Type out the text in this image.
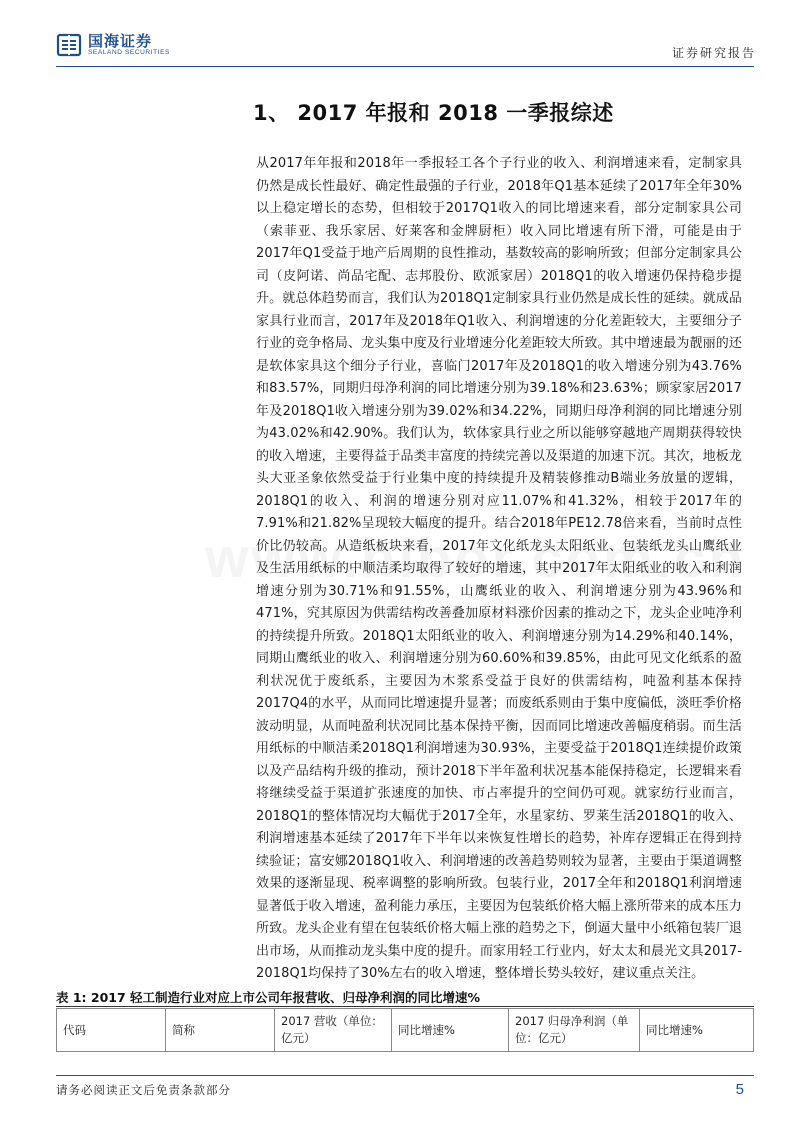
国海证券
SEALAND SECURITIES	证券研究报告
1、 2017 年报和 2018 一季报综述
从2017年年报和2018年一季报轻工各个子行业的收入、利润增速来看，定制家具仍然是成长性最好、确定性最强的子行业，2018年Q1基本延续了2017年全年30%以上稳定增长的态势，但相较于2017Q1收入的同比增速来看，部分定制家具公司（索菲亚、我乐家居、好莱客和金牌厨柜）收入同比增速有所下滑，可能是由于2017年Q1受益于地产后周期的良性推动，基数较高的影响所致；但部分定制家具公司（皮阿诺、尚品宅配、志邦股份、欧派家居）2018Q1的收入增速仍保持稳步提升。就总体趋势而言，我们认为2018Q1定制家具行业仍然是成长性的延续。就成品家具行业而言，2017年及2018年Q1收入、利润增速的分化差距较大，主要细分子行业的竞争格局、龙头集中度及行业增速分化差距较大所致。其中增速最为靓丽的还是软体家具这个细分子行业，喜临门2017年及2018Q1的收入增速分别为43.76%和83.57%，同期归母净利润的同比增速分别为39.18%和23.63%；顾家家居2017年及2018Q1收入增速分别为39.02%和34.22%，同期归母净利润的同比增速分别为43.02%和42.90%。我们认为，软体家具行业之所以能够穿越地产周期获得较快的收入增速，主要得益于品类丰富度的持续完善以及渠道的加速下沉。其次，地板龙头大亚圣象依然受益于行业集中度的持续提升及精装修推动B端业务放量的逻辑，2018Q1的收入、利润的增速分别对应11.07%和41.32%，相较于2017年的7.91%和21.82%呈现较大幅度的提升。结合2018年PE12.78倍来看，当前时点性价比仍较高。从造纸板块来看，2017年文化纸龙头太阳纸业、包装纸龙头山鹰纸业及生活用纸标的中顺洁柔均取得了较好的增速，其中2017年太阳纸业的收入和利润增速分别为30.71%和91.55%，山鹰纸业的收入、利润增速分别为43.96%和471%，究其原因为供需结构改善叠加原材料涨价因素的推动之下，龙头企业吨净利的持续提升所致。2018Q1太阳纸业的收入、利润增速分别为14.29%和40.14%，同期山鹰纸业的收入、利润增速分别为60.60%和39.85%，由此可见文化纸系的盈利状况优于废纸系，主要因为木浆系受益于良好的供需结构，吨盈利基本保持2017Q4的水平，从而同比增速提升显著；而废纸系则由于集中度偏低，淡旺季价格波动明显，从而吨盈利状况同比基本保持平衡，因而同比增速改善幅度稍弱。而生活用纸标的中顺洁柔2018Q1利润增速为30.93%，主要受益于2018Q1连续提价政策以及产品结构升级的推动，预计2018下半年盈利状况基本能保持稳定，长逻辑来看将继续受益于渠道扩张速度的加快、市占率提升的空间仍可观。就家纺行业而言，2018Q1的整体情况均大幅优于2017全年，水星家纺、罗莱生活2018Q1的收入、利润增速基本延续了2017年下半年以来恢复性增长的趋势，补库存逻辑正在得到持续验证；富安娜2018Q1收入、利润增速的改善趋势则较为显著，主要由于渠道调整效果的逐渐显现、税率调整的影响所致。包装行业，2017全年和2018Q1利润增速显著低于收入增速，盈利能力承压，主要因为包装纸价格大幅上涨所带来的成本压力所致。龙头企业有望在包装纸价格大幅上涨的趋势之下，倒逼大量中小纸箱包装厂退出市场，从而推动龙头集中度的提升。而家用轻工行业内，好太太和晨光文具2017-2018Q1均保持了30%左右的收入增速，整体增长势头较好，建议重点关注。
表 1: 2017 轻工制造行业对应上市公司年报营收、归母净利润的同比增速%
代码	简称	2017 营收（单位：亿元）	同比增速%	2017 归母净利润（单位：亿元）	同比增速%
请务必阅读正文后免责条款部分	5
